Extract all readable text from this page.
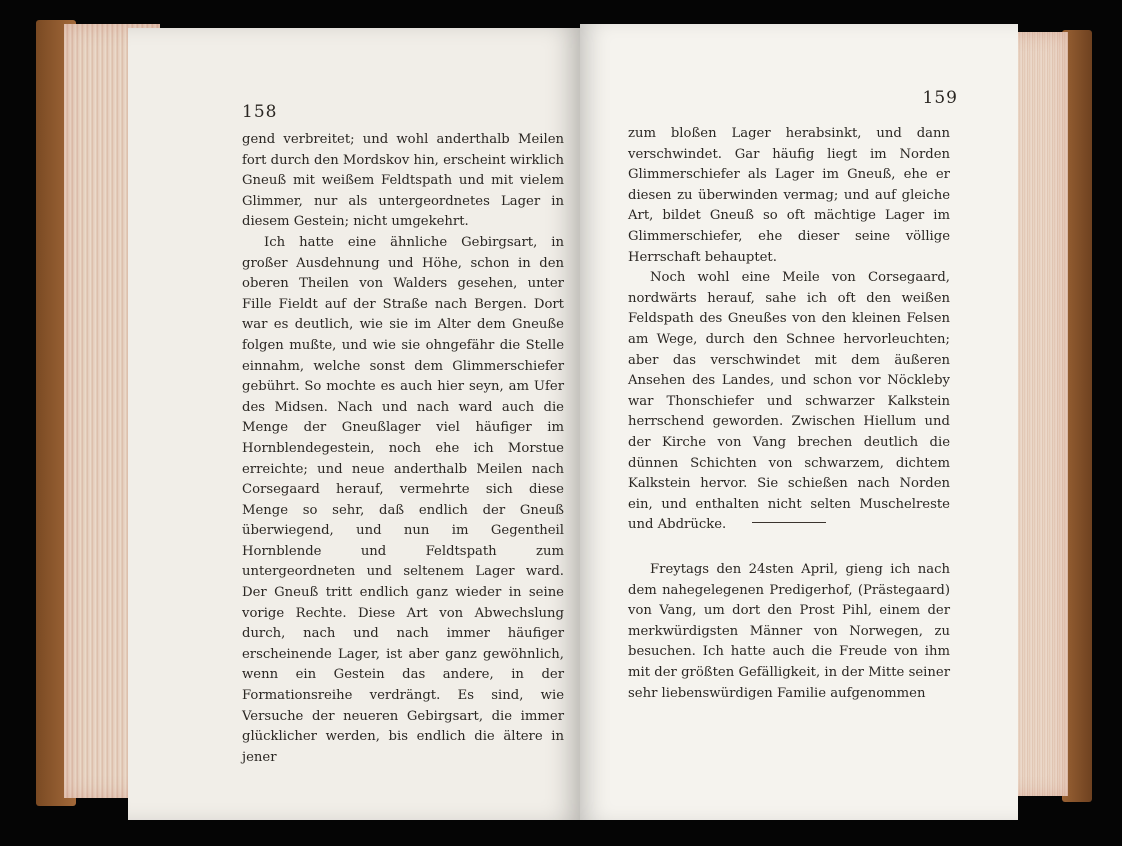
158

gend verbreitet; und wohl anderthalb Meilen fort durch den Mordskov hin, erscheint wirklich Gneuß mit weißem Feldtspath und mit vielem Glimmer, nur als untergeordnetes Lager in diesem Gestein; nicht umgekehrt.

Ich hatte eine ähnliche Gebirgsart, in großer Ausdehnung und Höhe, schon in den oberen Theilen von Walders gesehen, unter Fille Fieldt auf der Straße nach Bergen. Dort war es deutlich, wie sie im Alter dem Gneuße folgen mußte, und wie sie ohngefähr die Stelle einnahm, welche sonst dem Glimmerschiefer gebührt. So mochte es auch hier seyn, am Ufer des Midsen. Nach und nach ward auch die Menge der Gneußlager viel häufiger im Hornblendegestein, noch ehe ich Morstue erreichte; und neue anderthalb Meilen nach Corsegaard herauf, vermehrte sich diese Menge so sehr, daß endlich der Gneuß überwiegend, und nun im Gegentheil Hornblende und Feldtspath zum untergeordneten und seltenem Lager ward. Der Gneuß tritt endlich ganz wieder in seine vorige Rechte. Diese Art von Abwechslung durch, nach und nach immer häufiger erscheinende Lager, ist aber ganz gewöhnlich, wenn ein Gestein das andere, in der Formationsreihe verdrängt. Es sind, wie Versuche der neueren Gebirgsart, die immer glücklicher werden, bis endlich die ältere in jener

159

zum bloßen Lager herabsinkt, und dann verschwindet. Gar häufig liegt im Norden Glimmerschiefer als Lager im Gneuß, ehe er diesen zu überwinden vermag; und auf gleiche Art, bildet Gneuß so oft mächtige Lager im Glimmerschiefer, ehe dieser seine völlige Herrschaft behauptet.

Noch wohl eine Meile von Corsegaard, nordwärts herauf, sahe ich oft den weißen Feldspath des Gneußes von den kleinen Felsen am Wege, durch den Schnee hervorleuchten; aber das verschwindet mit dem äußeren Ansehen des Landes, und schon vor Nöckleby war Thonschiefer und schwarzer Kalkstein herrschend geworden. Zwischen Hiellum und der Kirche von Vang brechen deutlich die dünnen Schichten von schwarzem, dichtem Kalkstein hervor. Sie schießen nach Norden ein, und enthalten nicht selten Muschelreste und Abdrücke.

Freytags den 24sten April, gieng ich nach dem nahegelegenen Predigerhof, (Prästegaard) von Vang, um dort den Prost Pihl, einem der merkwürdigsten Männer von Norwegen, zu besuchen. Ich hatte auch die Freude von ihm mit der größten Gefälligkeit, in der Mitte seiner sehr liebenswürdigen Familie aufgenommen
